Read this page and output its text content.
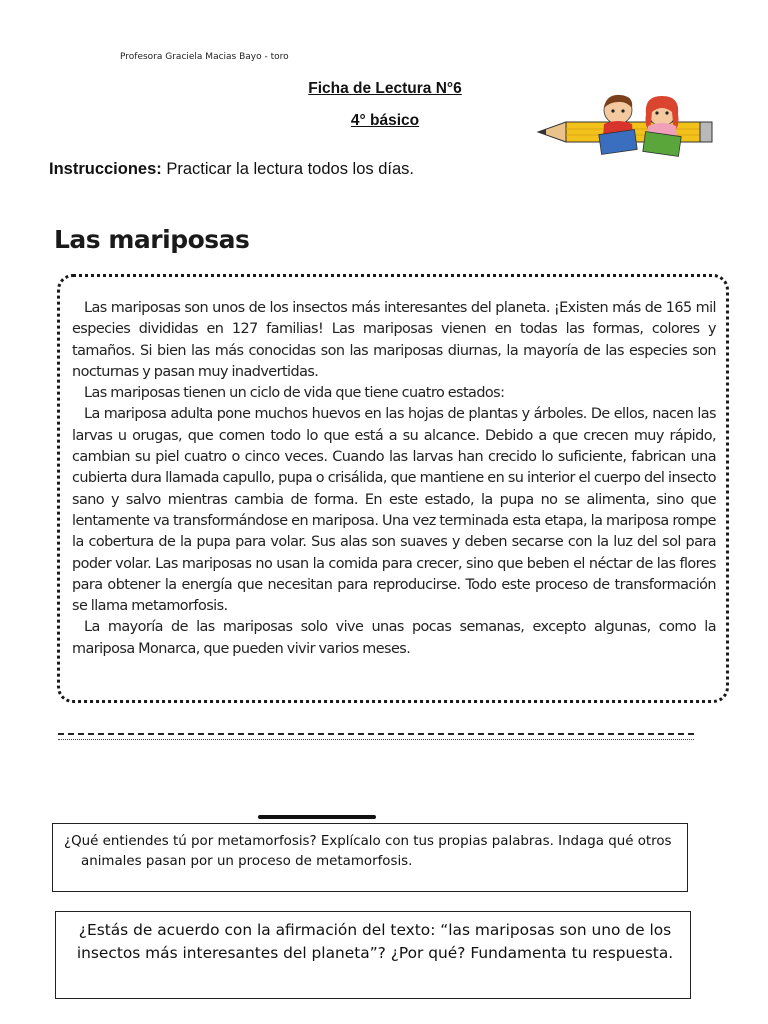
Profesora Graciela Macias Bayo - toro
Ficha de Lectura N°6
4° básico
Instrucciones: Practicar la lectura todos los días.
Las mariposas

Las mariposas son unos de los insectos más interesantes del planeta. ¡Existen más de 165 mil especies divididas en 127 familias! Las mariposas vienen en todas las formas, colores y tamaños. Si bien las más conocidas son las mariposas diurnas, la mayoría de las especies son nocturnas y pasan muy inadvertidas.

Las mariposas tienen un ciclo de vida que tiene cuatro estados:

La mariposa adulta pone muchos huevos en las hojas de plantas y árboles. De ellos, nacen las larvas u orugas, que comen todo lo que está a su alcance. Debido a que crecen muy rápido, cambian su piel cuatro o cinco veces. Cuando las larvas han crecido lo suficiente, fabrican una cubierta dura llamada capullo, pupa o crisálida, que mantiene en su interior el cuerpo del insecto sano y salvo mientras cambia de forma. En este estado, la pupa no se alimenta, sino que lentamente va transformándose en mariposa. Una vez terminada esta etapa, la mariposa rompe la cobertura de la pupa para volar. Sus alas son suaves y deben secarse con la luz del sol para poder volar. Las mariposas no usan la comida para crecer, sino que beben el néctar de las flores para obtener la energía que necesitan para reproducirse. Todo este proceso de transformación se llama metamorfosis.

La mayoría de las mariposas solo vive unas pocas semanas, excepto algunas, como la mariposa Monarca, que pueden vivir varios meses.

¿Qué entiendes tú por metamorfosis? Explícalo con tus propias palabras. Indaga qué otros animales pasan por un proceso de metamorfosis.
¿Estás de acuerdo con la afirmación del texto: “las mariposas son uno de los insectos más interesantes del planeta”? ¿Por qué? Fundamenta tu respuesta.
